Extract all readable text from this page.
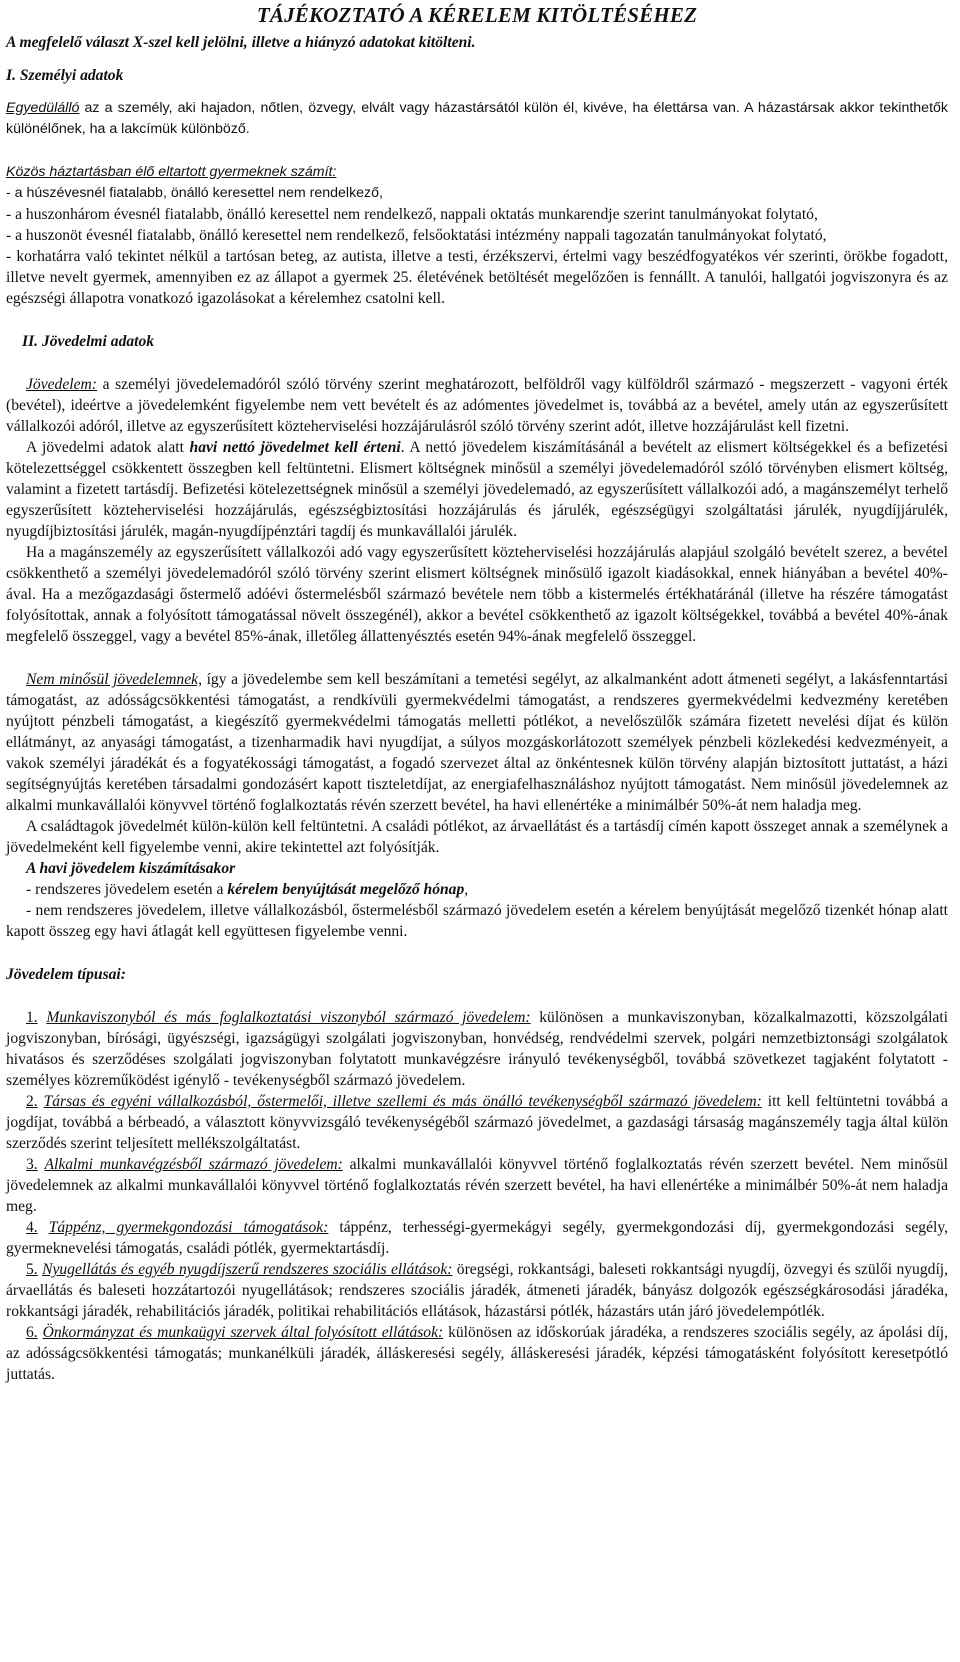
TÁJÉKOZTATÓ A KÉRELEM KITÖLTÉSÉHEZ

A megfelelő választ X-szel kell jelölni, illetve a hiányzó adatokat kitölteni.

I. Személyi adatok

Egyedülálló az a személy, aki hajadon, nőtlen, özvegy, elvált vagy házastársától külön él, kivéve, ha élettársa van. A házastársak akkor tekinthetők különélőnek, ha a lakcímük különböző.

Közös háztartásban élő eltartott gyermeknek számít:

- a húszévesnél fiatalabb, önálló keresettel nem rendelkező,

- a huszonhárom évesnél fiatalabb, önálló keresettel nem rendelkező, nappali oktatás munkarendje szerint tanulmányokat folytató,

- a huszonöt évesnél fiatalabb, önálló keresettel nem rendelkező, felsőoktatási intézmény nappali tagozatán tanulmányokat folytató,

- korhatárra való tekintet nélkül a tartósan beteg, az autista, illetve a testi, érzékszervi, értelmi vagy beszédfogyatékos vér szerinti, örökbe fogadott, illetve nevelt gyermek, amennyiben ez az állapot a gyermek 25. életévének betöltését megelőzően is fennállt. A tanulói, hallgatói jogviszonyra és az egészségi állapotra vonatkozó igazolásokat a kérelemhez csatolni kell.

II. Jövedelmi adatok

Jövedelem: a személyi jövedelemadóról szóló törvény szerint meghatározott, belföldről vagy külföldről származó - megszerzett - vagyoni érték (bevétel), ideértve a jövedelemként figyelembe nem vett bevételt és az adómentes jövedelmet is, továbbá az a bevétel, amely után az egyszerűsített vállalkozói adóról, illetve az egyszerűsített közteherviselési hozzájárulásról szóló törvény szerint adót, illetve hozzájárulást kell fizetni.

A jövedelmi adatok alatt havi nettó jövedelmet kell érteni. A nettó jövedelem kiszámításánál a bevételt az elismert költségekkel és a befizetési kötelezettséggel csökkentett összegben kell feltüntetni. Elismert költségnek minősül a személyi jövedelemadóról szóló törvényben elismert költség, valamint a fizetett tartásdíj. Befizetési kötelezettségnek minősül a személyi jövedelemadó, az egyszerűsített vállalkozói adó, a magánszemélyt terhelő egyszerűsített közteherviselési hozzájárulás, egészségbiztosítási hozzájárulás és járulék, egészségügyi szolgáltatási járulék, nyugdíjjárulék, nyugdíjbiztosítási járulék, magán-nyugdíjpénztári tagdíj és munkavállalói járulék.

Ha a magánszemély az egyszerűsített vállalkozói adó vagy egyszerűsített közteherviselési hozzájárulás alapjául szolgáló bevételt szerez, a bevétel csökkenthető a személyi jövedelemadóról szóló törvény szerint elismert költségnek minősülő igazolt kiadásokkal, ennek hiányában a bevétel 40%-ával. Ha a mezőgazdasági őstermelő adóévi őstermelésből származó bevétele nem több a kistermelés értékhatáránál (illetve ha részére támogatást folyósítottak, annak a folyósított támogatással növelt összegénél), akkor a bevétel csökkenthető az igazolt költségekkel, továbbá a bevétel 40%-ának megfelelő összeggel, vagy a bevétel 85%-ának, illetőleg állattenyésztés esetén 94%-ának megfelelő összeggel.

Nem minősül jövedelemnek, így a jövedelembe sem kell beszámítani a temetési segélyt, az alkalmanként adott átmeneti segélyt, a lakásfenntartási támogatást, az adósságcsökkentési támogatást, a rendkívüli gyermekvédelmi támogatást, a rendszeres gyermekvédelmi kedvezmény keretében nyújtott pénzbeli támogatást, a kiegészítő gyermekvédelmi támogatás melletti pótlékot, a nevelőszülők számára fizetett nevelési díjat és külön ellátmányt, az anyasági támogatást, a tizenharmadik havi nyugdíjat, a súlyos mozgáskorlátozott személyek pénzbeli közlekedési kedvezményeit, a vakok személyi járadékát és a fogyatékossági támogatást, a fogadó szervezet által az önkéntesnek külön törvény alapján biztosított juttatást, a házi segítségnyújtás keretében társadalmi gondozásért kapott tiszteletdíjat, az energiafelhasználáshoz nyújtott támogatást. Nem minősül jövedelemnek az alkalmi munkavállalói könyvvel történő foglalkoztatás révén szerzett bevétel, ha havi ellenértéke a minimálbér 50%-át nem haladja meg.

A családtagok jövedelmét külön-külön kell feltüntetni. A családi pótlékot, az árvaellátást és a tartásdíj címén kapott összeget annak a személynek a jövedelmeként kell figyelembe venni, akire tekintettel azt folyósítják.

A havi jövedelem kiszámításakor

- rendszeres jövedelem esetén a kérelem benyújtását megelőző hónap,

- nem rendszeres jövedelem, illetve vállalkozásból, őstermelésből származó jövedelem esetén a kérelem benyújtását megelőző tizenkét hónap alatt kapott összeg egy havi átlagát kell együttesen figyelembe venni.

Jövedelem típusai:

1. Munkaviszonyból és más foglalkoztatási viszonyból származó jövedelem: különösen a munkaviszonyban, közalkalmazotti, közszolgálati jogviszonyban, bírósági, ügyészségi, igazságügyi szolgálati jogviszonyban, honvédség, rendvédelmi szervek, polgári nemzetbiztonsági szolgálatok hivatásos és szerződéses szolgálati jogviszonyban folytatott munkavégzésre irányuló tevékenységből, továbbá szövetkezet tagjaként folytatott - személyes közreműködést igénylő - tevékenységből származó jövedelem.

2. Társas és egyéni vállalkozásból, őstermelői, illetve szellemi és más önálló tevékenységből származó jövedelem: itt kell feltüntetni továbbá a jogdíjat, továbbá a bérbeadó, a választott könyvvizsgáló tevékenységéből származó jövedelmet, a gazdasági társaság magánszemély tagja által külön szerződés szerint teljesített mellékszolgáltatást.

3. Alkalmi munkavégzésből származó jövedelem: alkalmi munkavállalói könyvvel történő foglalkoztatás révén szerzett bevétel. Nem minősül jövedelemnek az alkalmi munkavállalói könyvvel történő foglalkoztatás révén szerzett bevétel, ha havi ellenértéke a minimálbér 50%-át nem haladja meg.

4. Táppénz, gyermekgondozási támogatások: táppénz, terhességi-gyermekágyi segély, gyermekgondozási díj, gyermekgondozási segély, gyermeknevelési támogatás, családi pótlék, gyermektartásdíj.

5. Nyugellátás és egyéb nyugdíjszerű rendszeres szociális ellátások: öregségi, rokkantsági, baleseti rokkantsági nyugdíj, özvegyi és szülői nyugdíj, árvaellátás és baleseti hozzátartozói nyugellátások; rendszeres szociális járadék, átmeneti járadék, bányász dolgozók egészségkárosodási járadéka, rokkantsági járadék, rehabilitációs járadék, politikai rehabilitációs ellátások, házastársi pótlék, házastárs után járó jövedelempótlék.

6. Önkormányzat és munkaügyi szervek által folyósított ellátások: különösen az időskorúak járadéka, a rendszeres szociális segély, az ápolási díj, az adósságcsökkentési támogatás; munkanélküli járadék, álláskeresési segély, álláskeresési járadék, képzési támogatásként folyósított keresetpótló juttatás.
